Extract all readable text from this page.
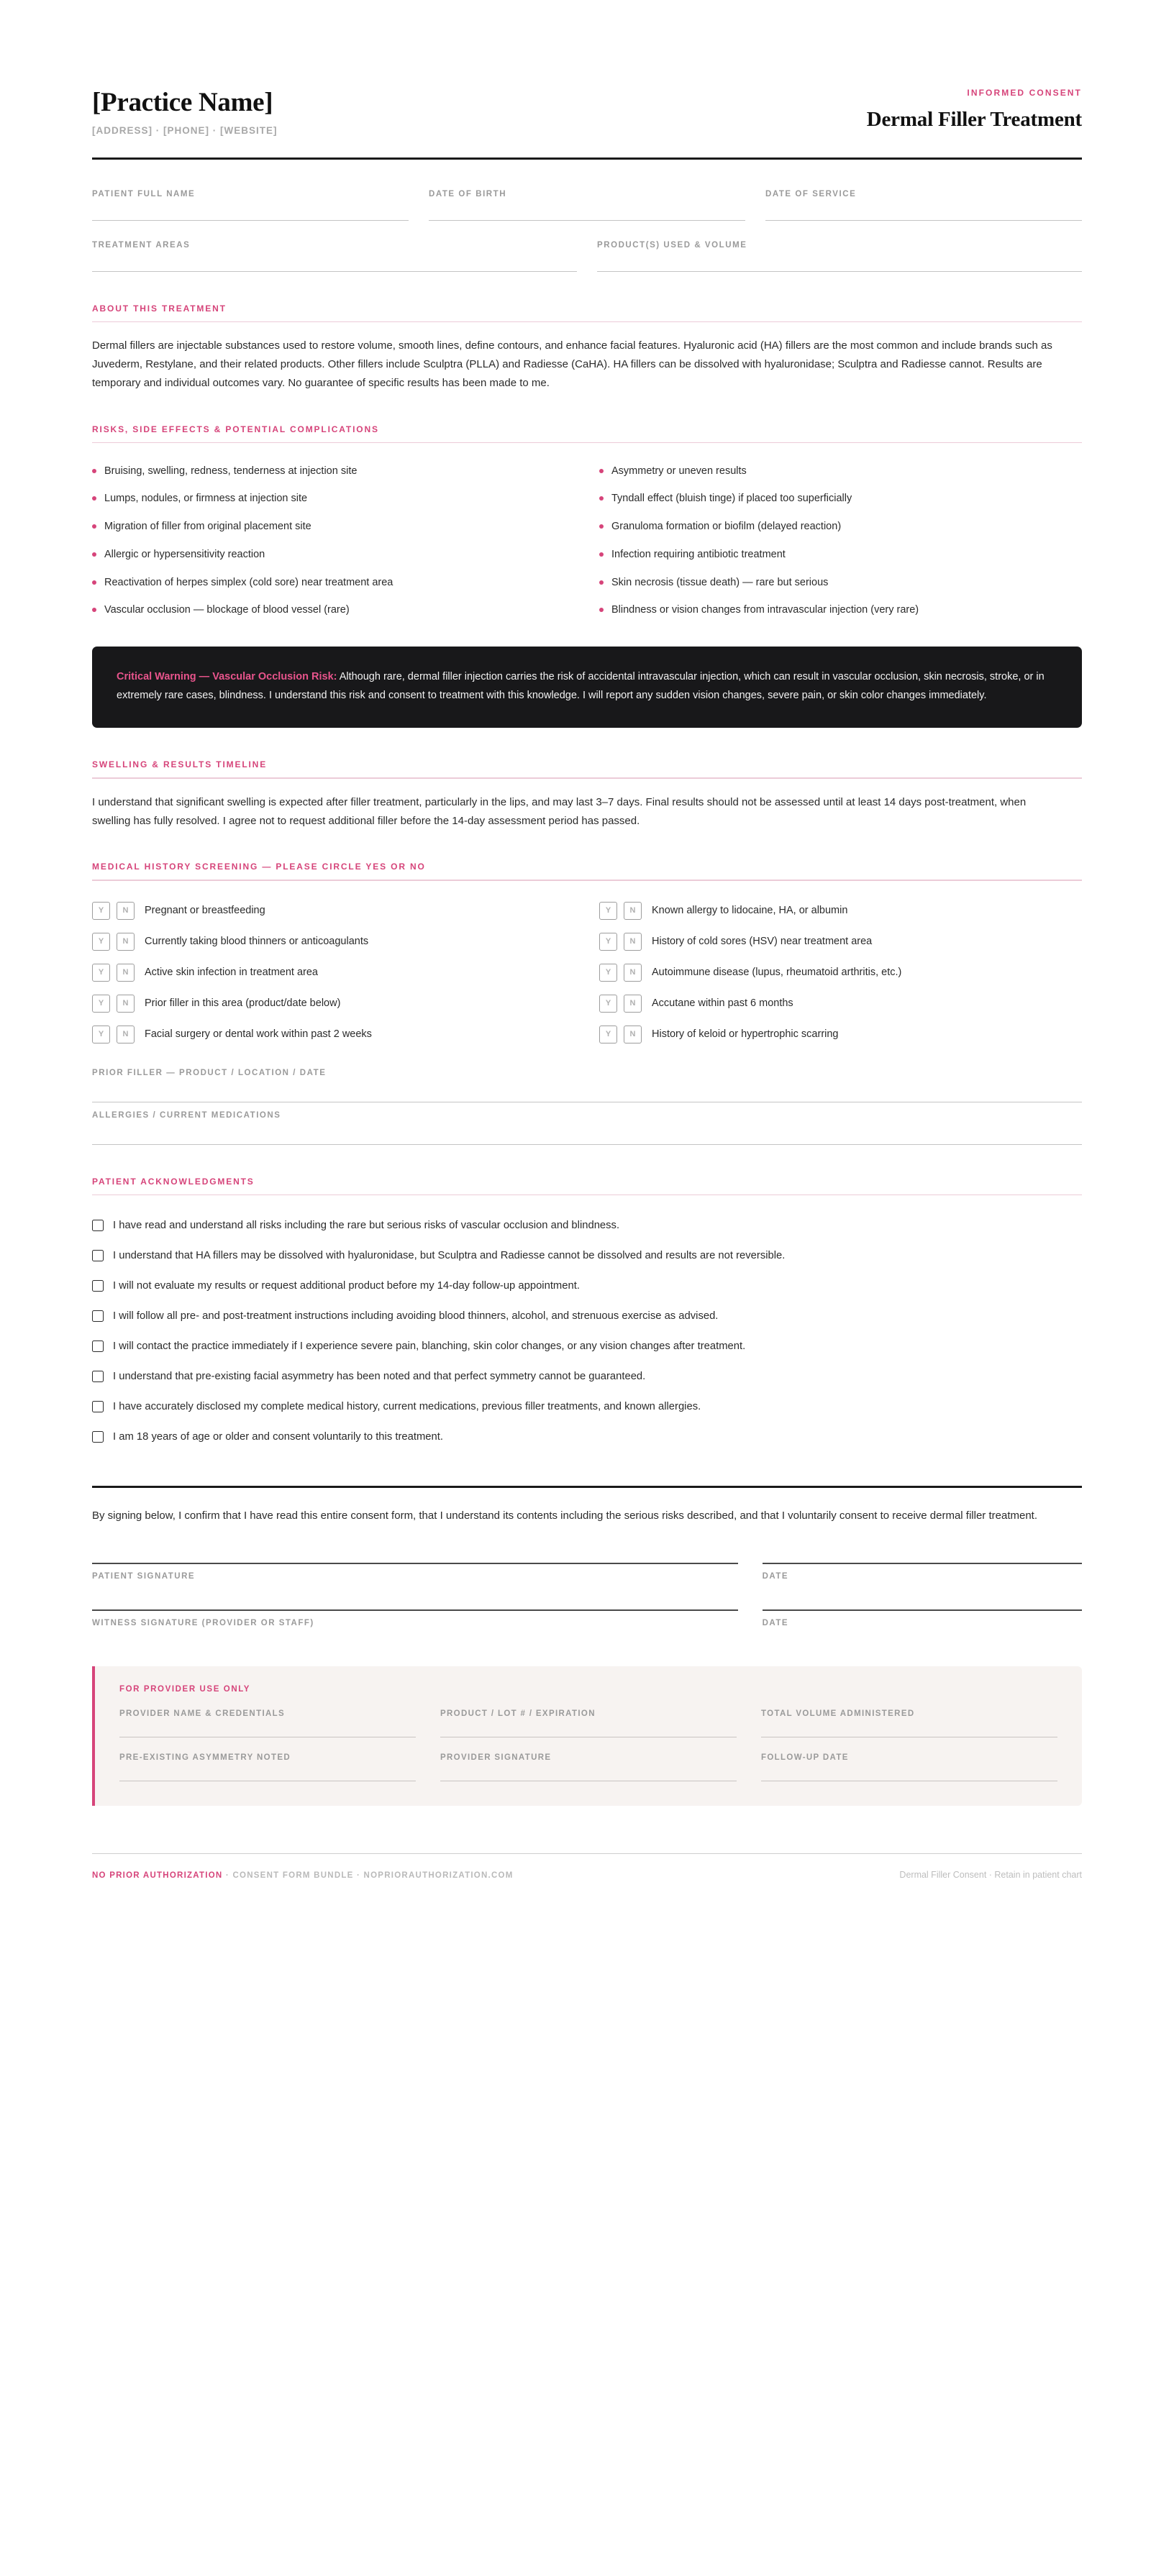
[Practice Name]
[ADDRESS] · [PHONE] · [WEBSITE]
INFORMED CONSENT
Dermal Filler Treatment
PATIENT FULL NAME	DATE OF BIRTH	DATE OF SERVICE
TREATMENT AREAS	PRODUCT(S) USED & VOLUME
ABOUT THIS TREATMENT

Dermal fillers are injectable substances used to restore volume, smooth lines, define contours, and enhance facial features. Hyaluronic acid (HA) fillers are the most common and include brands such as Juvederm, Restylane, and their related products. Other fillers include Sculptra (PLLA) and Radiesse (CaHA). HA fillers can be dissolved with hyaluronidase; Sculptra and Radiesse cannot. Results are temporary and individual outcomes vary. No guarantee of specific results has been made to me.

RISKS, SIDE EFFECTS & POTENTIAL COMPLICATIONS
Bruising, swelling, redness, tenderness at injection site
Lumps, nodules, or firmness at injection site
Migration of filler from original placement site
Allergic or hypersensitivity reaction
Reactivation of herpes simplex (cold sore) near treatment area
Vascular occlusion — blockage of blood vessel (rare)
Asymmetry or uneven results
Tyndall effect (bluish tinge) if placed too superficially
Granuloma formation or biofilm (delayed reaction)
Infection requiring antibiotic treatment
Skin necrosis (tissue death) — rare but serious
Blindness or vision changes from intravascular injection (very rare)

Critical Warning — Vascular Occlusion Risk: Although rare, dermal filler injection carries the risk of accidental intravascular injection, which can result in vascular occlusion, skin necrosis, stroke, or in extremely rare cases, blindness. I understand this risk and consent to treatment with this knowledge. I will report any sudden vision changes, severe pain, or skin color changes immediately.

SWELLING & RESULTS TIMELINE

I understand that significant swelling is expected after filler treatment, particularly in the lips, and may last 3–7 days. Final results should not be assessed until at least 14 days post-treatment, when swelling has fully resolved. I agree not to request additional filler before the 14-day assessment period has passed.

MEDICAL HISTORY SCREENING — PLEASE CIRCLE YES OR NO
Y	N	Pregnant or breastfeeding
Y	N	Currently taking blood thinners or anticoagulants
Y	N	Active skin infection in treatment area
Y	N	Prior filler in this area (product/date below)
Y	N	Facial surgery or dental work within past 2 weeks
Y	N	Known allergy to lidocaine, HA, or albumin
Y	N	History of cold sores (HSV) near treatment area
Y	N	Autoimmune disease (lupus, rheumatoid arthritis, etc.)
Y	N	Accutane within past 6 months
Y	N	History of keloid or hypertrophic scarring
PRIOR FILLER — PRODUCT / LOCATION / DATE
ALLERGIES / CURRENT MEDICATIONS
PATIENT ACKNOWLEDGMENTS
I have read and understand all risks including the rare but serious risks of vascular occlusion and blindness.
I understand that HA fillers may be dissolved with hyaluronidase, but Sculptra and Radiesse cannot be dissolved and results are not reversible.
I will not evaluate my results or request additional product before my 14-day follow-up appointment.
I will follow all pre- and post-treatment instructions including avoiding blood thinners, alcohol, and strenuous exercise as advised.
I will contact the practice immediately if I experience severe pain, blanching, skin color changes, or any vision changes after treatment.
I understand that pre-existing facial asymmetry has been noted and that perfect symmetry cannot be guaranteed.
I have accurately disclosed my complete medical history, current medications, previous filler treatments, and known allergies.
I am 18 years of age or older and consent voluntarily to this treatment.

By signing below, I confirm that I have read this entire consent form, that I understand its contents including the serious risks described, and that I voluntarily consent to receive dermal filler treatment.

PATIENT SIGNATURE	DATE
WITNESS SIGNATURE (PROVIDER OR STAFF)	DATE
FOR PROVIDER USE ONLY
PROVIDER NAME & CREDENTIALS	PRODUCT / LOT # / EXPIRATION	TOTAL VOLUME ADMINISTERED
PRE-EXISTING ASYMMETRY NOTED	PROVIDER SIGNATURE	FOLLOW-UP DATE
NO PRIOR AUTHORIZATION · CONSENT FORM BUNDLE · NOPRIORAUTHORIZATION.COM	Dermal Filler Consent · Retain in patient chart
